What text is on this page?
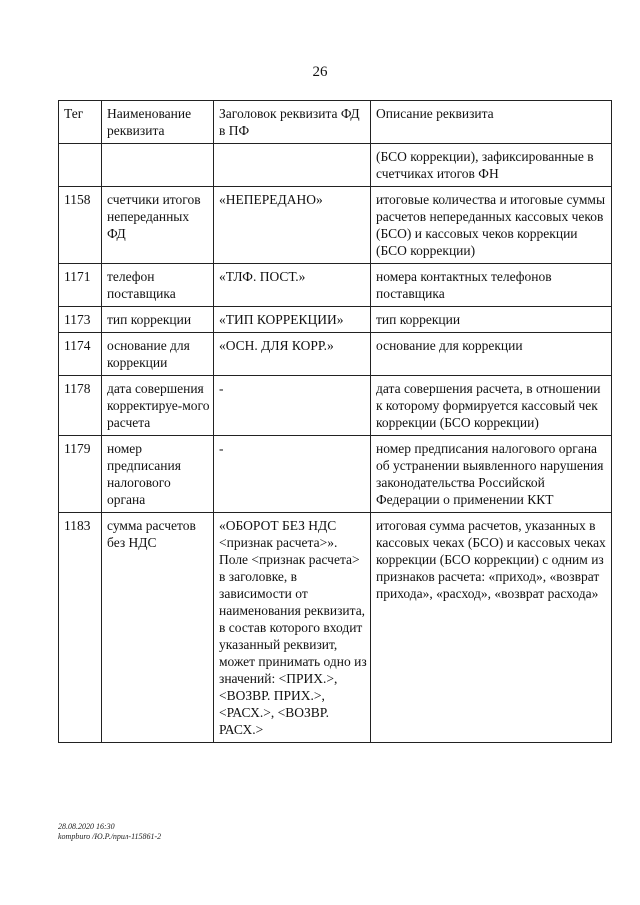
26
Тег	Наименование реквизита	Заголовок реквизита ФД в ПФ	Описание реквизита
			(БСО коррекции), зафиксированные в счетчиках итогов ФН
1158	счетчики итогов непереданных ФД	«НЕПЕРЕДАНО»	итоговые количества и итоговые суммы расчетов непереданных кассовых чеков (БСО) и кассовых чеков коррекции (БСО коррекции)
1171	телефон поставщика	«ТЛФ. ПОСТ.»	номера контактных телефонов поставщика
1173	тип коррекции	«ТИП КОРРЕКЦИИ»	тип коррекции
1174	основание для коррекции	«ОСН. ДЛЯ КОРР.»	основание для коррекции
1178	дата совершения корректируе-мого расчета	-	дата совершения расчета, в отношении к которому формируется кассовый чек коррекции (БСО коррекции)
1179	номер предписания налогового органа	-	номер предписания налогового органа об устранении выявленного нарушения законодательства Российской Федерации о применении ККТ
1183	сумма расчетов без НДС	«ОБОРОТ БЕЗ НДС <признак расчета>». Поле <признак расчета> в заголовке, в зависимости от наименования реквизита, в состав которого входит указанный реквизит, может принимать одно из значений: <ПРИХ.>, <ВОЗВР. ПРИХ.>, <РАСХ.>, <ВОЗВР. РАСХ.>	итоговая сумма расчетов, указанных в кассовых чеках (БСО) и кассовых чеках коррекции (БСО коррекции) с одним из признаков расчета: «приход», «возврат прихода», «расход», «возврат расхода»
28.08.2020 16:30
kompburo /Ю.Р./прил-115861-2
